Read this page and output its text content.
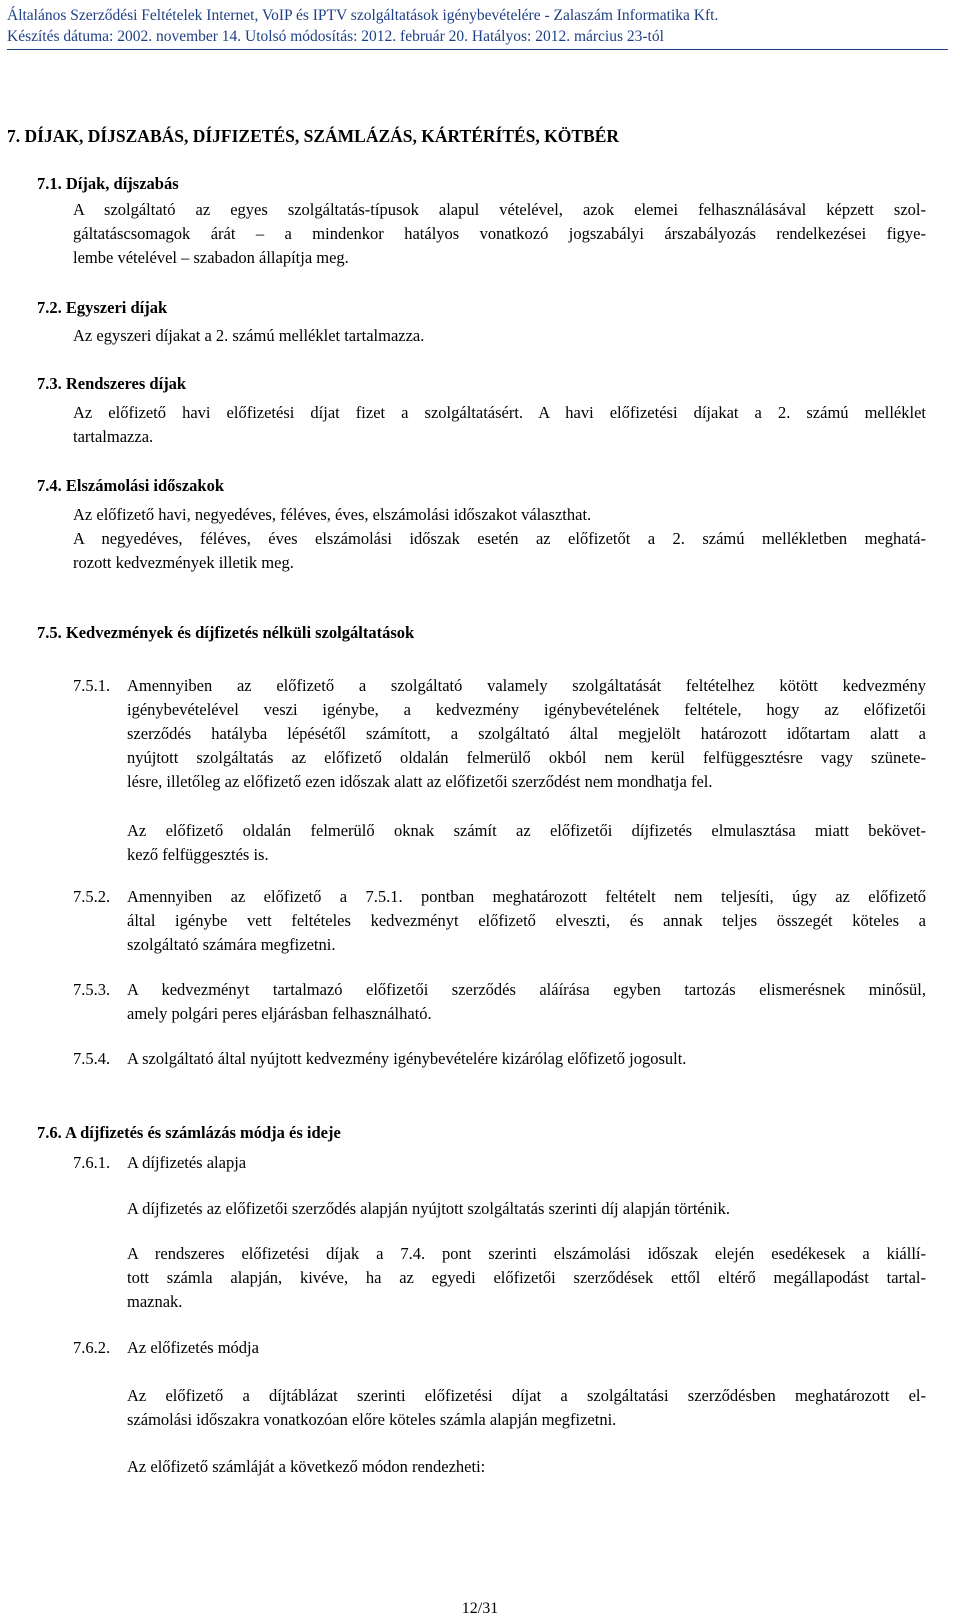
Általános Szerződési Feltételek Internet, VoIP és IPTV szolgáltatások igénybevételére - Zalaszám Informatika Kft.
Készítés dátuma: 2002. november 14. Utolsó módosítás: 2012. február 20. Hatályos: 2012. március 23-tól
7. DÍJAK, DÍJSZABÁS, DÍJFIZETÉS, SZÁMLÁZÁS, KÁRTÉRÍTÉS, KÖTBÉR
7.1. Díjak, díjszabás
A szolgáltató az egyes szolgáltatás-típusok alapul vételével, azok elemei felhasználásával képzett szol-
gáltatáscsomagok árát – a mindenkor hatályos vonatkozó jogszabályi árszabályozás rendelkezései figye-
lembe vételével – szabadon állapítja meg.
7.2. Egyszeri díjak
Az egyszeri díjakat a 2. számú melléklet tartalmazza.
7.3. Rendszeres díjak
Az előfizető havi előfizetési díjat fizet a szolgáltatásért. A havi előfizetési díjakat a 2. számú melléklet
tartalmazza.
7.4. Elszámolási időszakok
Az előfizető havi, negyedéves, féléves, éves, elszámolási időszakot választhat.
A negyedéves, féléves, éves elszámolási időszak esetén az előfizetőt a 2. számú mellékletben meghatá-
rozott kedvezmények illetik meg.
7.5. Kedvezmények és díjfizetés nélküli szolgáltatások
7.5.1. Amennyiben az előfizető a szolgáltató valamely szolgáltatását feltételhez kötött kedvezmény
igénybevételével veszi igénybe, a kedvezmény igénybevételének feltétele, hogy az előfizetői
szerződés hatályba lépésétől számított, a szolgáltató által megjelölt határozott időtartam alatt a
nyújtott szolgáltatás az előfizető oldalán felmerülő okból nem kerül felfüggesztésre vagy szünete-
lésre, illetőleg az előfizető ezen időszak alatt az előfizetői szerződést nem mondhatja fel.
Az előfizető oldalán felmerülő oknak számít az előfizetői díjfizetés elmulasztása miatt bekövet-
kező felfüggesztés is.
7.5.2. Amennyiben az előfizető a 7.5.1. pontban meghatározott feltételt nem teljesíti, úgy az előfizető
által igénybe vett feltételes kedvezményt előfizető elveszti, és annak teljes összegét köteles a
szolgáltató számára megfizetni.
7.5.3. A kedvezményt tartalmazó előfizetői szerződés aláírása egyben tartozás elismerésnek minősül,
amely polgári peres eljárásban felhasználható.
7.5.4. A szolgáltató által nyújtott kedvezmény igénybevételére kizárólag előfizető jogosult.
7.6. A díjfizetés és számlázás módja és ideje
7.6.1. A díjfizetés alapja
A díjfizetés az előfizetői szerződés alapján nyújtott szolgáltatás szerinti díj alapján történik.
A rendszeres előfizetési díjak a 7.4. pont szerinti elszámolási időszak elején esedékesek a kiállí-
tott számla alapján, kivéve, ha az egyedi előfizetői szerződések ettől eltérő megállapodást tartal-
maznak.
7.6.2. Az előfizetés módja
Az előfizető a díjtáblázat szerinti előfizetési díjat a szolgáltatási szerződésben meghatározott el-
számolási időszakra vonatkozóan előre köteles számla alapján megfizetni.
Az előfizető számláját a következő módon rendezheti:
12/31
